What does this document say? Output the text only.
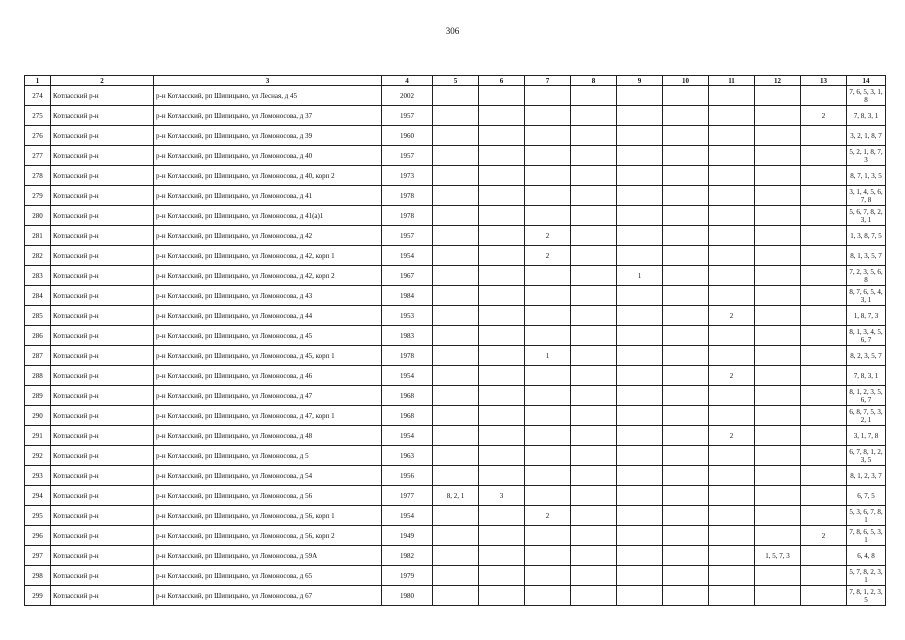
306
1	2	3	4	5	6	7	8	9	10	11	12	13	14
274	Котласский р-н	р-н Котласский, рп Шипицыно, ул Лесная, д 45	2002										7, 6, 5, 3, 1, 8
275	Котласский р-н	р-н Котласский, рп Шипицыно, ул Ломоносова, д 37	1957									2	7, 8, 3, 1
276	Котласский р-н	р-н Котласский, рп Шипицыно, ул Ломоносова, д 39	1960										3, 2, 1, 8, 7
277	Котласский р-н	р-н Котласский, рп Шипицыно, ул Ломоносова, д 40	1957										5, 2, 1, 8, 7, 3
278	Котласский р-н	р-н Котласский, рп Шипицыно, ул Ломоносова, д 40, корп 2	1973										8, 7, 1, 3, 5
279	Котласский р-н	р-н Котласский, рп Шипицыно, ул Ломоносова, д 41	1978										3, 1, 4, 5, 6, 7, 8
280	Котласский р-н	р-н Котласский, рп Шипицыно, ул Ломоносова, д 41(а)1	1978										5, 6, 7, 8, 2, 3, 1
281	Котласский р-н	р-н Котласский, рп Шипицыно, ул Ломоносова, д 42	1957			2							1, 3, 8, 7, 5
282	Котласский р-н	р-н Котласский, рп Шипицыно, ул Ломоносова, д 42, корп 1	1954			2							8, 1, 3, 5, 7
283	Котласский р-н	р-н Котласский, рп Шипицыно, ул Ломоносова, д 42, корп 2	1967					1					7, 2, 3, 5, 6, 8
284	Котласский р-н	р-н Котласский, рп Шипицыно, ул Ломоносова, д 43	1984										8, 7, 6, 5, 4, 3, 1
285	Котласский р-н	р-н Котласский, рп Шипицыно, ул Ломоносова, д 44	1953							2			1, 8, 7, 3
286	Котласский р-н	р-н Котласский, рп Шипицыно, ул Ломоносова, д 45	1983										8, 1, 3, 4, 5, 6, 7
287	Котласский р-н	р-н Котласский, рп Шипицыно, ул Ломоносова, д 45, корп 1	1978			1							8, 2, 3, 5, 7
288	Котласский р-н	р-н Котласский, рп Шипицыно, ул Ломоносова, д 46	1954							2			7, 8, 3, 1
289	Котласский р-н	р-н Котласский, рп Шипицыно, ул Ломоносова, д 47	1968										8, 1, 2, 3, 5, 6, 7
290	Котласский р-н	р-н Котласский, рп Шипицыно, ул Ломоносова, д 47, корп 1	1968										6, 8, 7, 5, 3, 2, 1
291	Котласский р-н	р-н Котласский, рп Шипицыно, ул Ломоносова, д 48	1954							2			3, 1, 7, 8
292	Котласский р-н	р-н Котласский, рп Шипицыно, ул Ломоносова, д 5	1963										6, 7, 8, 1, 2, 3, 5
293	Котласский р-н	р-н Котласский, рп Шипицыно, ул Ломоносова, д 54	1956										8, 1, 2, 3, 7
294	Котласский р-н	р-н Котласский, рп Шипицыно, ул Ломоносова, д 56	1977	8, 2, 1	3								6, 7, 5
295	Котласский р-н	р-н Котласский, рп Шипицыно, ул Ломоносова, д 56, корп 1	1954			2							5, 3, 6, 7, 8, 1
296	Котласский р-н	р-н Котласский, рп Шипицыно, ул Ломоносова, д 56, корп 2	1949									2	7, 8, 6, 5, 3, 1
297	Котласский р-н	р-н Котласский, рп Шипицыно, ул Ломоносова, д 59А	1982								1, 5, 7, 3		6, 4, 8
298	Котласский р-н	р-н Котласский, рп Шипицыно, ул Ломоносова, д 65	1979										5, 7, 8, 2, 3, 1
299	Котласский р-н	р-н Котласский, рп Шипицыно, ул Ломоносова, д 67	1980										7, 8, 1, 2, 3, 5
